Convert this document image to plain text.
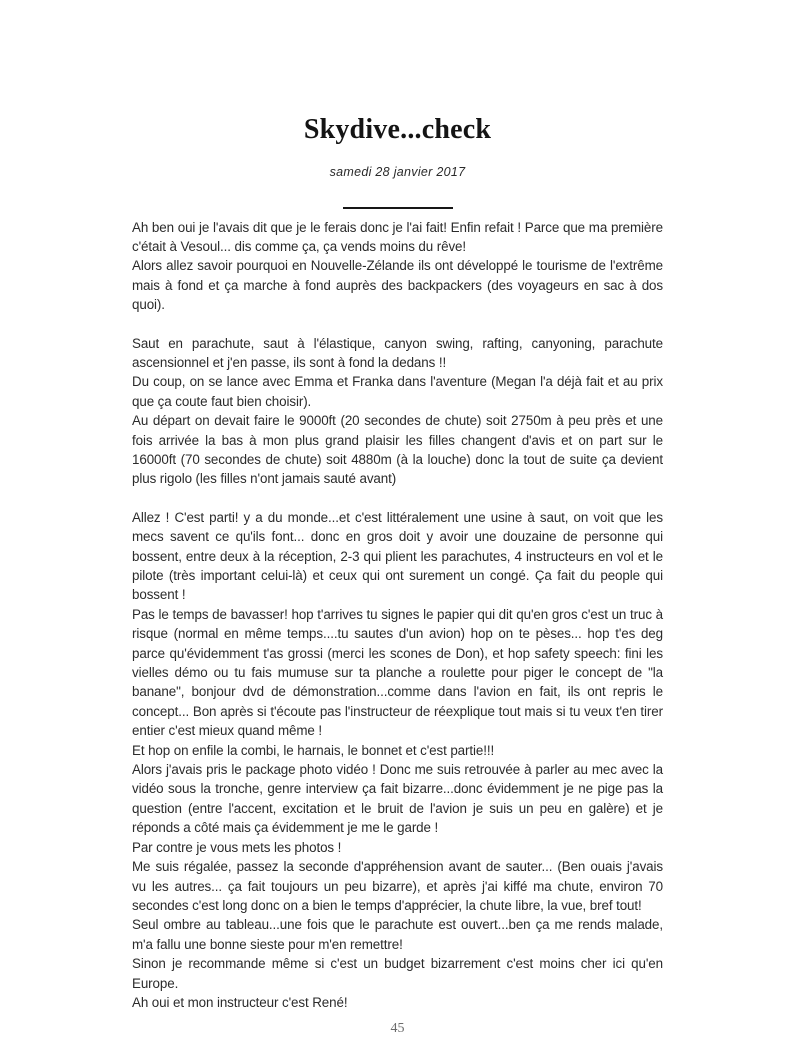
Skydive...check
samedi 28 janvier 2017

Ah ben oui je l'avais dit que je le ferais donc je l'ai fait! Enfin refait ! Parce que ma première c'était à Vesoul... dis comme ça, ça vends moins du rêve!

Alors allez savoir pourquoi en Nouvelle-Zélande ils ont développé le tourisme de l'extrême mais à fond et ça marche à fond auprès des backpackers (des voyageurs en sac à dos quoi).

Saut en parachute, saut à l'élastique, canyon swing, rafting, canyoning, parachute ascensionnel et j'en passe, ils sont à fond la dedans !!

Du coup, on se lance avec Emma et Franka dans l'aventure (Megan l'a déjà fait et au prix que ça coute faut bien choisir).

Au départ on devait faire le 9000ft (20 secondes de chute) soit 2750m à peu près et une fois arrivée la bas à mon plus grand plaisir les filles changent d'avis et on part sur le 16000ft (70 secondes de chute) soit 4880m (à la louche) donc la tout de suite ça devient plus rigolo (les filles n'ont jamais sauté avant)

Allez ! C'est parti! y a du monde...et c'est littéralement une usine à saut, on voit que les mecs savent ce qu'ils font... donc en gros doit y avoir une douzaine de personne qui bossent, entre deux à la réception, 2-3 qui plient les parachutes, 4 instructeurs en vol et le pilote (très important celui-là) et ceux qui ont surement un congé. Ça fait du people qui bossent !

Pas le temps de bavasser! hop t'arrives tu signes le papier qui dit qu'en gros c'est un truc à risque (normal en même temps....tu sautes d'un avion) hop on te pèses... hop t'es deg parce qu'évidemment t'as grossi (merci les scones de Don), et hop safety speech: fini les vielles démo ou tu fais mumuse sur ta planche a roulette pour piger le concept de "la banane", bonjour dvd de démonstration...comme dans l'avion en fait, ils ont repris le concept... Bon après si t'écoute pas l'instructeur de réexplique tout mais si tu veux t'en tirer entier c'est mieux quand même !

Et hop on enfile la combi, le harnais, le bonnet et c'est partie!!!

Alors j'avais pris le package photo vidéo ! Donc me suis retrouvée à parler au mec avec la vidéo sous la tronche, genre interview ça fait bizarre...donc évidemment je ne pige pas la question (entre l'accent, excitation et le bruit de l'avion je suis un peu en galère) et je réponds a côté mais ça évidemment je me le garde !

Par contre je vous mets les photos !

Me suis régalée, passez la seconde d'appréhension avant de sauter... (Ben ouais j'avais vu les autres... ça fait toujours un peu bizarre), et après j'ai kiffé ma chute, environ 70 secondes c'est long donc on a bien le temps d'apprécier, la chute libre, la vue, bref tout!

Seul ombre au tableau...une fois que le parachute est ouvert...ben ça me rends malade, m'a fallu une bonne sieste pour m'en remettre!

Sinon je recommande même si c'est un budget bizarrement c'est moins cher ici qu'en Europe.

Ah oui et mon instructeur c'est René!

45
